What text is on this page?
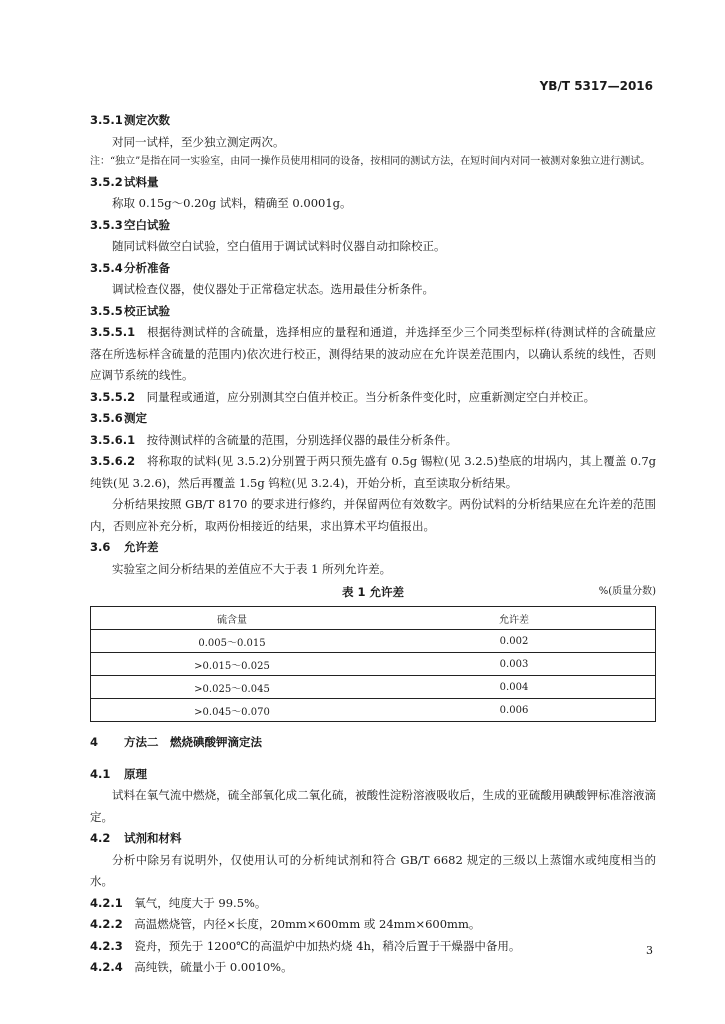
YB/T 5317—2016
3.5.1测定次数
对同一试样，至少独立测定两次。
注：“独立”是指在同一实验室，由同一操作员使用相同的设备，按相同的测试方法，在短时间内对同一被测对象独立进行测试。
3.5.2试料量
称取 0.15g～0.20g 试料，精确至 0.0001g。
3.5.3空白试验
随同试料做空白试验，空白值用于调试试料时仪器自动扣除校正。
3.5.4分析准备
调试检查仪器，使仪器处于正常稳定状态。选用最佳分析条件。
3.5.5校正试验
3.5.5.1　 根据待测试样的含硫量，选择相应的量程和通道，并选择至少三个同类型标样(待测试样的含硫量应落在所选标样含硫量的范围内)依次进行校正，测得结果的波动应在允许误差范围内，以确认系统的线性，否则应调节系统的线性。
3.5.5.2　 同量程或通道，应分别测其空白值并校正。当分析条件变化时，应重新测定空白并校正。
3.5.6测定
3.5.6.1　 按待测试样的含硫量的范围，分别选择仪器的最佳分析条件。
3.5.6.2　 将称取的试料(见 3.5.2)分别置于两只预先盛有 0.5g 锡粒(见 3.2.5)垫底的坩埚内，其上覆盖 0.7g 纯铁(见 3.2.6)，然后再覆盖 1.5g 钨粒(见 3.2.4)，开始分析，直至读取分析结果。
分析结果按照 GB/T 8170 的要求进行修约，并保留两位有效数字。两份试料的分析结果应在允许差的范围内，否则应补充分析，取两份相接近的结果，求出算术平均值报出。
3.6 允许差
实验室之间分析结果的差值应不大于表 1 所列允许差。
表 1 允许差	%(质量分数)
硫含量	允许差
0.005～0.015	0.002
>0.015～0.025	0.003
>0.025～0.045	0.004
>0.045～0.070	0.006
4 方法二　燃烧碘酸钾滴定法
4.1 原理
试料在氧气流中燃烧，硫全部氧化成二氧化硫，被酸性淀粉溶液吸收后，生成的亚硫酸用碘酸钾标准溶液滴定。
4.2 试剂和材料
分析中除另有说明外，仅使用认可的分析纯试剂和符合 GB/T 6682 规定的三级以上蒸馏水或纯度相当的水。
4.2.1　 氧气，纯度大于 99.5%。
4.2.2　 高温燃烧管，内径×长度，20mm×600mm 或 24mm×600mm。
4.2.3　 瓷舟，预先于 1200℃的高温炉中加热灼烧 4h，稍冷后置于干燥器中备用。
4.2.4　 高纯铁，硫量小于 0.0010%。
3
